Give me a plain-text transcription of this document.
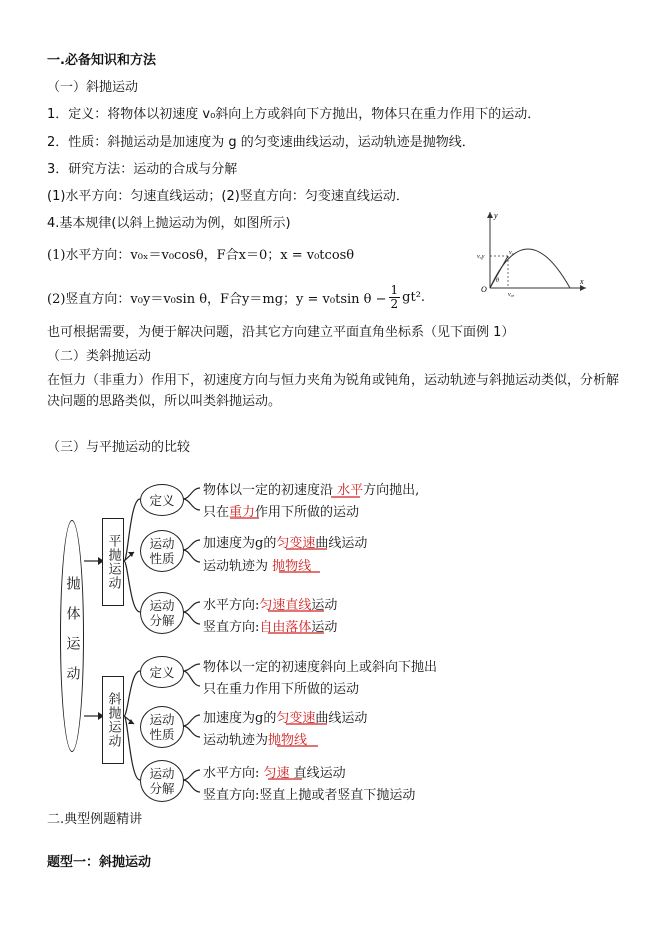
一.必备知识和方法
（一）斜抛运动
1．定义：将物体以初速度 v₀斜向上方或斜向下方抛出，物体只在重力作用下的运动．
2．性质：斜抛运动是加速度为 g 的匀变速曲线运动，运动轨迹是抛物线．
3．研究方法：运动的合成与分解
(1)水平方向：匀速直线运动；(2)竖直方向：匀变速直线运动．
4.基本规律(以斜上抛运动为例，如图所示)
(1)水平方向：v₀ₓ＝v₀cosθ，F合x＝0；x = v₀tcosθ
(2)竖直方向：v₀y＝v₀sin θ，F合y＝mg；y = v₀tsin $\theta - \frac{1}{2} gt^2$.
y
x
O
v₀y
v₀
θ
v₀ₓ
也可根据需要，为便于解决问题，沿其它方向建立平面直角坐标系（见下面例 1）
（二）类斜抛运动
在恒力（非重力）作用下，初速度方向与恒力夹角为锐角或钝角，运动轨迹与斜抛运动类似，分析解决问题的思路类似，所以叫类斜抛运动。
（三）与平抛运动的比较
抛体运动
平抛运动
斜抛运动
定义
运动性质
运动分解
定义
运动性质
运动分解
物体以一定的初速度沿 水平方向抛出,
只在重力作用下所做的运动
加速度为g的匀变速曲线运动
运动轨迹为 抛物线
水平方向:匀速直线运动
竖直方向:自由落体运动
物体以一定的初速度斜向上或斜向下抛出
只在重力作用下所做的运动
加速度为g的匀变速曲线运动
运动轨迹为抛物线
水平方向: 匀速 直线运动
竖直方向:竖直上抛或者竖直下抛运动
二.典型例题精讲
题型一：斜抛运动
